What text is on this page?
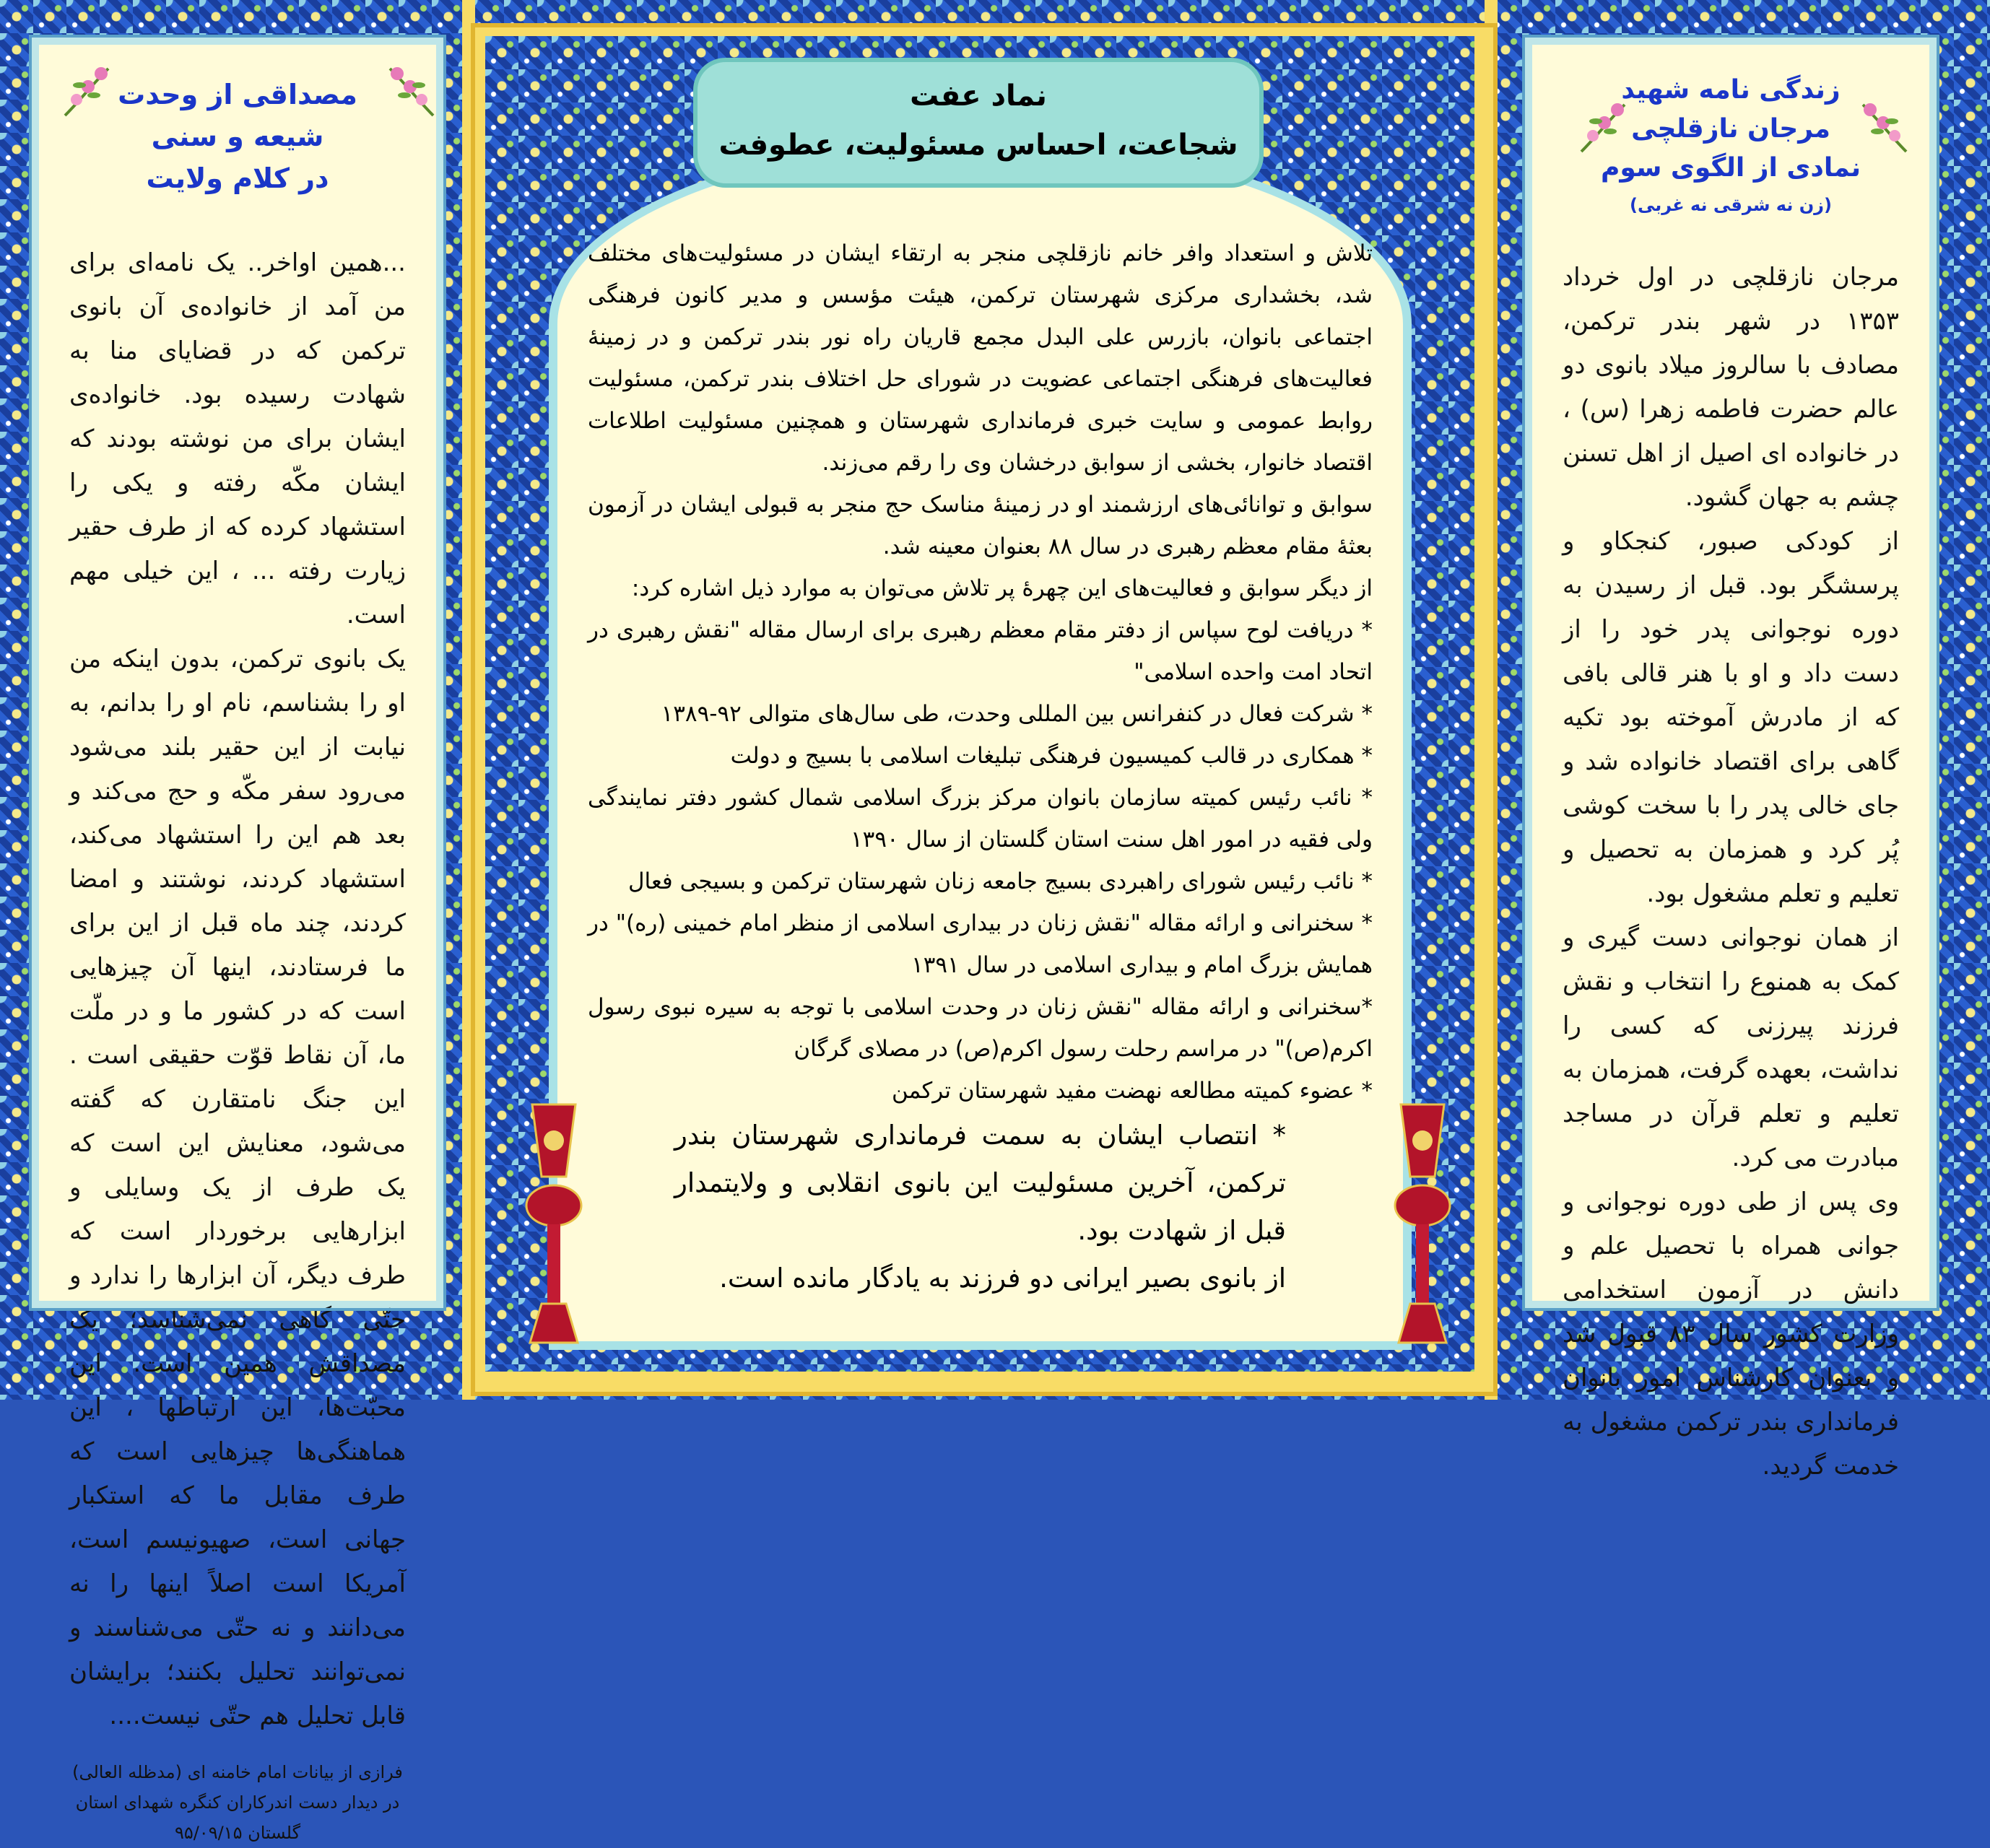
مصداقی از وحدت شیعه و سنی
در کلام ولایت
...همین اواخر.. یک نامه‌ای برای من آمد از خانواده‌ی آن بانوی ترکمن که در قضایای منا به شهادت رسیده بود. خانواده‌ی ایشان برای من نوشته بودند که ایشان مکّه رفته و یکی را استشهاد کرده که از طرف حقیر زیارت رفته ... ، این خیلی مهم است.
یک بانوی ترکمن، بدون اینکه من او را بشناسم، نام او را بدانم، به نیابت از این حقیر بلند می‌شود می‌رود سفر مکّه و حج می‌کند و بعد هم این را استشهاد می‌کند، استشهاد کردند، نوشتند و امضا کردند، چند ماه قبل از این برای ما فرستادند، اینها آن چیزهایی است که در کشور ما و در ملّت ما، آن نقاط قوّت حقیقی است . این جنگ نامتقارن که گفته می‌شود، معنایش این است که یک طرف از یک وسایلی و ابزارهایی برخوردار است که طرف دیگر، آن ابزارها را ندارد و حتّی گاهی نمی‌شناسد؛ یک مصداقش همین است. این محبّت‌ها، این ارتباطها ، این هماهنگی‌ها چیزهایی است که طرف مقابل ما که استکبار جهانی است، صهیونیسم است، آمریکا است اصلاً اینها را نه می‌دانند و نه حتّی می‌شناسند و نمی‌توانند تحلیل بکنند؛ برایشان قابل تحلیل هم حتّی نیست....
فرازی از بیانات امام خامنه ای (مدظله العالی)
در دیدار دست اندرکاران کنگره شهدای استان گلستان ۹۵/۰۹/۱۵
تلاش و استعداد وافر خانم نازقلچی منجر به ارتقاء ایشان در مسئولیت‌های مختلف شد، بخشداری مرکزی شهرستان ترکمن، هیئت مؤسس و مدیر کانون فرهنگی اجتماعی بانوان، بازرس علی البدل مجمع قاریان راه نور بندر ترکمن و در زمینهٔ فعالیت‌های فرهنگی اجتماعی عضویت در شورای حل اختلاف بندر ترکمن، مسئولیت روابط عمومی و سایت خبری فرمانداری شهرستان و همچنین مسئولیت اطلاعات اقتصاد خانوار، بخشی از سوابق درخشان وی را رقم می‌زند.
سوابق و توانائی‌های ارزشمند او در زمینهٔ مناسک حج منجر به قبولی ایشان در آزمون بعثهٔ مقام معظم رهبری در سال ۸۸ بعنوان معینه شد.
از دیگر سوابق و فعالیت‌های این چهرهٔ پر تلاش می‌توان به موارد ذیل اشاره کرد:
* دریافت لوح سپاس از دفتر مقام معظم رهبری برای ارسال مقاله "نقش رهبری در اتحاد امت واحده اسلامی"
* شرکت فعال در کنفرانس بین المللی وحدت، طی سال‌های متوالی ۹۲-۱۳۸۹
* همکاری در قالب کمیسیون فرهنگی تبلیغات اسلامی با بسیج و دولت
* نائب رئیس کمیته سازمان بانوان مرکز بزرگ اسلامی شمال کشور دفتر نمایندگی ولی فقیه در امور اهل سنت استان گلستان از سال ۱۳۹۰
* نائب رئیس شورای راهبردی بسیج جامعه زنان شهرستان ترکمن و بسیجی فعال
* سخنرانی و ارائه مقاله "نقش زنان در بیداری اسلامی از منظر امام خمینی (ره)" در همایش بزرگ امام و بیداری اسلامی در سال ۱۳۹۱
*سخنرانی و ارائه مقاله "نقش زنان در وحدت اسلامی با توجه به سیره نبوی رسول اکرم(ص)" در مراسم رحلت رسول اکرم(ص) در مصلای گرگان
* عضوء کمیته مطالعه نهضت مفید شهرستان ترکمن
* انتصاب ایشان به سمت فرمانداری شهرستان بندر ترکمن، آخرین مسئولیت این بانوی انقلابی و ولایتمدار قبل از شهادت بود.
از بانوی بصیر ایرانی دو فرزند به یادگار مانده است.
نماد عفت
شجاعت، احساس مسئولیت، عطوفت
زندگی نامه شهید مرجان نازقلچی
نمادی از الگوی سوم
(زن نه شرقی نه غربی)
مرجان نازقلچی در اول خرداد ۱۳۵۳ در شهر بندر ترکمن، مصادف با سالروز میلاد بانوی دو عالم حضرت فاطمه زهرا (س) ، در خانواده ای اصیل از اهل تسنن چشم به جهان گشود.
از کودکی صبور، کنجکاو و پرسشگر بود. قبل از رسیدن به دوره نوجوانی پدر خود را از دست داد و او با هنر قالی بافی که از مادرش آموخته بود تکیه گاهی برای اقتصاد خانواده شد و جای خالی پدر را با سخت کوشی پُر کرد و همزمان به تحصیل و تعلیم و تعلم مشغول بود.
از همان نوجوانی دست گیری و کمک به همنوع را انتخاب و نقش فرزند پیرزنی که کسی را نداشت، بعهده گرفت، همزمان به تعلیم و تعلم قرآن در مساجد مبادرت می کرد.
وی پس از طی دوره نوجوانی و جوانی همراه با تحصیل علم و دانش در آزمون استخدامی وزارت کشور سال ۸۳ قبول شد و بعنوان کارشناس امور بانوان فرمانداری بندر ترکمن مشغول به خدمت گردید.
